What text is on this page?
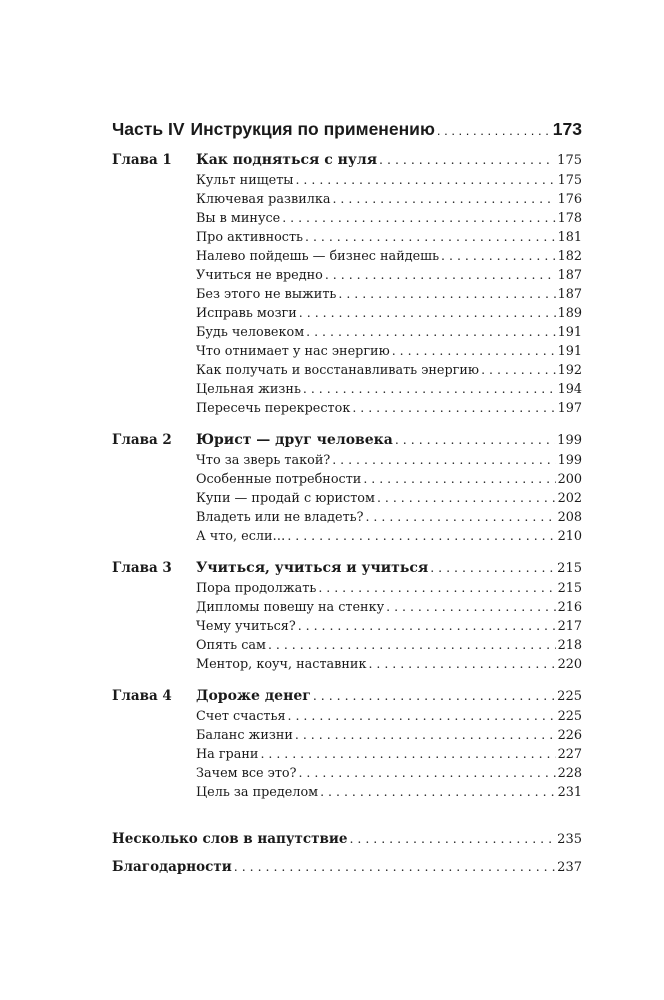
Часть IV Инструкция по применению . . .	173
Глава 1	Как подняться с нуля . . .	175
Культ нищеты . . .	175
Ключевая развилка . . .	176
Вы в минусе . . .	178
Про активность . . .	181
Налево пойдешь — бизнес найдешь . . .	182
Учиться не вредно . . .	187
Без этого не выжить . . .	187
Исправь мозги . . .	189
Будь человеком . . .	191
Что отнимает у нас энергию . . .	191
Как получать и восстанавливать энергию . . .	192
Цельная жизнь . . .	194
Пересечь перекресток . . .	197
Глава 2	Юрист — друг человека . . .	199
Что за зверь такой? . . .	199
Особенные потребности . . .	200
Купи — продай с юристом . . .	202
Владеть или не владеть? . . .	208
А что, если… . . .	210
Глава 3	Учиться, учиться и учиться . . .	215
Пора продолжать . . .	215
Дипломы повешу на стенку . . .	216
Чему учиться? . . .	217
Опять сам . . .	218
Ментор, коуч, наставник . . .	220
Глава 4	Дороже денег . . .	225
Счет счастья . . .	225
Баланс жизни . . .	226
На грани . . .	227
Зачем все это? . . .	228
Цель за пределом . . .	231
Несколько слов в напутствие . . .	235
Благодарности . . .	237
